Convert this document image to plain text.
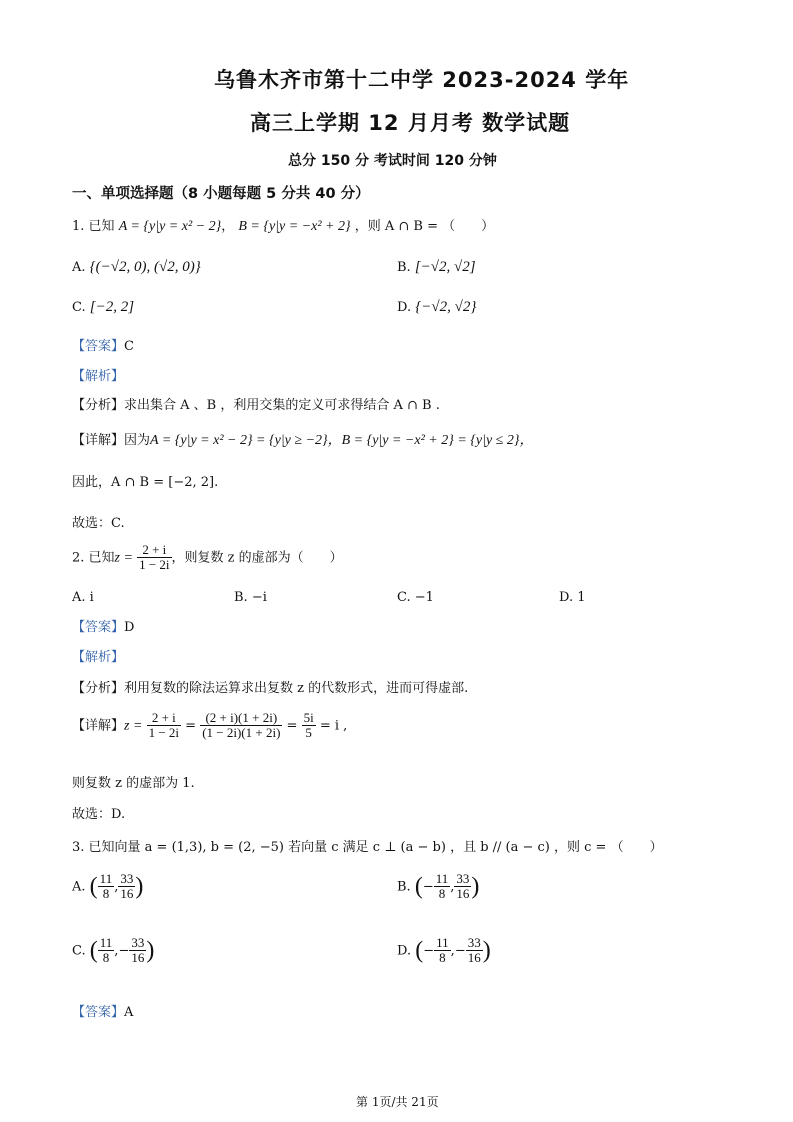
乌鲁木齐市第十二中学 2023-2024 学年
高三上学期 12 月月考 数学试题
总分 150 分 考试时间 120 分钟
一、单项选择题（8 小题每题 5 分共 40 分）
1. 已知 A = {y|y = x² − 2}， B = {y|y = −x² + 2} ，则 A ∩ B = （　　）
A. {(−√2, 0), (√2, 0)}	B. [−√2, √2]
C. [−2, 2]	D. {−√2, √2}
【答案】C
【解析】
【分析】求出集合 A 、B ，利用交集的定义可求得结合 A ∩ B .
【详解】因为A = {y|y = x² − 2} = {y|y ≥ −2}，B = {y|y = −x² + 2} = {y|y ≤ 2}，
因此，A ∩ B = [−2, 2].
故选：C.
2. 已知$z = \frac{2 + i}{1 - 2i}$ ，则复数 z 的虚部为（　　）
A. i	B. −i	C. −1	D. 1
【答案】D
【解析】
【分析】利用复数的除法运算求出复数 z 的代数形式，进而可得虚部.
【详解】$z = \frac{2 + i}{1 - 2i} = \frac{(2 + i)(1 + 2i)}{(1 - 2i)(1 + 2i)} = \frac{5i}{5} = i$ ,
则复数 z 的虚部为 1.
故选：D.
3. 已知向量 a = (1,3), b = (2, −5) 若向量 c 满足 c ⊥ (a − b) ，且 b // (a − c) ，则 c = （　　）
A. ( $\frac{11}{8}$ , $\frac{33}{16}$ )	B. (− $\frac{11}{8}$ , $\frac{33}{16}$ )
C. ( $\frac{11}{8}$ ,− $\frac{33}{16}$ )	D. (− $\frac{11}{8}$ ,− $\frac{33}{16}$ )
【答案】A
第 1页/共 21页
